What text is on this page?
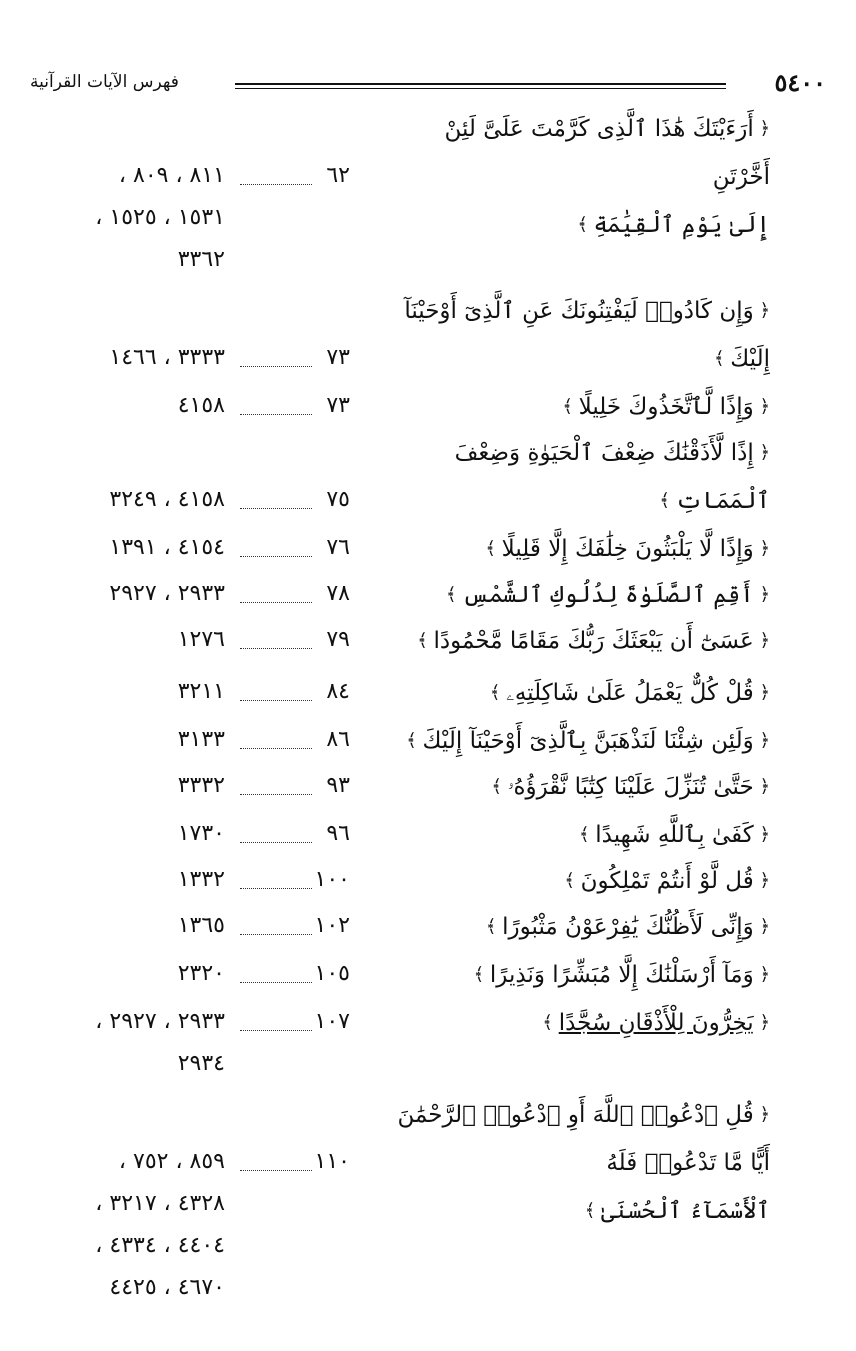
فهرس الآيات القرآنية	٥٤٠٠
﴿ أَرَءَيْتَكَ هَٰذَا ٱلَّذِى كَرَّمْتَ عَلَىَّ لَئِنْ أَخَّرْتَنِ
إِلَىٰ يَوْمِ ٱلْقِيَٰمَةِ ﴾
٦٢
٨١١ ، ٨٠٩ ،
١٥٣١ ، ١٥٢٥ ،
٣٣٦٢
﴿ وَإِن كَادُوا۟ لَيَفْتِنُونَكَ عَنِ ٱلَّذِىٓ أَوْحَيْنَآ
إِلَيْكَ ﴾
٧٣
٣٣٣٣ ، ١٤٦٦
﴿ وَإِذًا لَّٱتَّخَذُوكَ خَلِيلًا ﴾
٧٣
٤١٥٨
﴿ إِذًا لَّأَذَقْنَٰكَ ضِعْفَ ٱلْحَيَوٰةِ وَضِعْفَ
ٱلْمَمَاتِ ﴾
٧٥
٤١٥٨ ، ٣٢٤٩
﴿ وَإِذًا لَّا يَلْبَثُونَ خِلَٰفَكَ إِلَّا قَلِيلًا ﴾
٧٦
٤١٥٤ ، ١٣٩١
﴿ أَقِمِ ٱلصَّلَوٰةَ لِدُلُوكِ ٱلشَّمْسِ ﴾
٧٨
٢٩٣٣ ، ٢٩٢٧
﴿ عَسَىٰٓ أَن يَبْعَثَكَ رَبُّكَ مَقَامًا مَّحْمُودًا ﴾
٧٩
١٢٧٦
﴿ قُلْ كُلٌّ يَعْمَلُ عَلَىٰ شَاكِلَتِهِۦ ﴾
٨٤
٣٢١١
﴿ وَلَئِن شِئْنَا لَنَذْهَبَنَّ بِٱلَّذِىٓ أَوْحَيْنَآ إِلَيْكَ ﴾
٨٦
٣١٣٣
﴿ حَتَّىٰ تُنَزِّلَ عَلَيْنَا كِتَٰبًا نَّقْرَؤُهُۥ ﴾
٩٣
٣٣٣٢
﴿ كَفَىٰ بِٱللَّهِ شَهِيدًا ﴾
٩٦
١٧٣٠
﴿ قُل لَّوْ أَنتُمْ تَمْلِكُونَ ﴾
١٠٠
١٣٣٢
﴿ وَإِنِّى لَأَظُنُّكَ يَٰفِرْعَوْنُ مَثْبُورًا ﴾
١٠٢
١٣٦٥
﴿ وَمَآ أَرْسَلْنَٰكَ إِلَّا مُبَشِّرًا وَنَذِيرًا ﴾
١٠٥
٢٣٢٠
﴿ يَخِرُّونَ لِلْأَذْقَانِ سُجَّدًا ﴾
١٠٧
٢٩٣٣ ، ٢٩٢٧ ،
٢٩٣٤
﴿ قُلِ ٱدْعُوا۟ ٱللَّهَ أَوِ ٱدْعُوا۟ ٱلرَّحْمَٰنَ أَيًّا مَّا تَدْعُوا۟ فَلَهُ
ٱلْأَسْمَآءُ ٱلْحُسْنَىٰ ﴾
١١٠
٨٥٩ ، ٧٥٢ ،
٤٣٢٨ ، ٣٢١٧ ،
٤٤٠٤ ، ٤٣٣٤ ،
٤٦٧٠ ، ٤٤٢٥
